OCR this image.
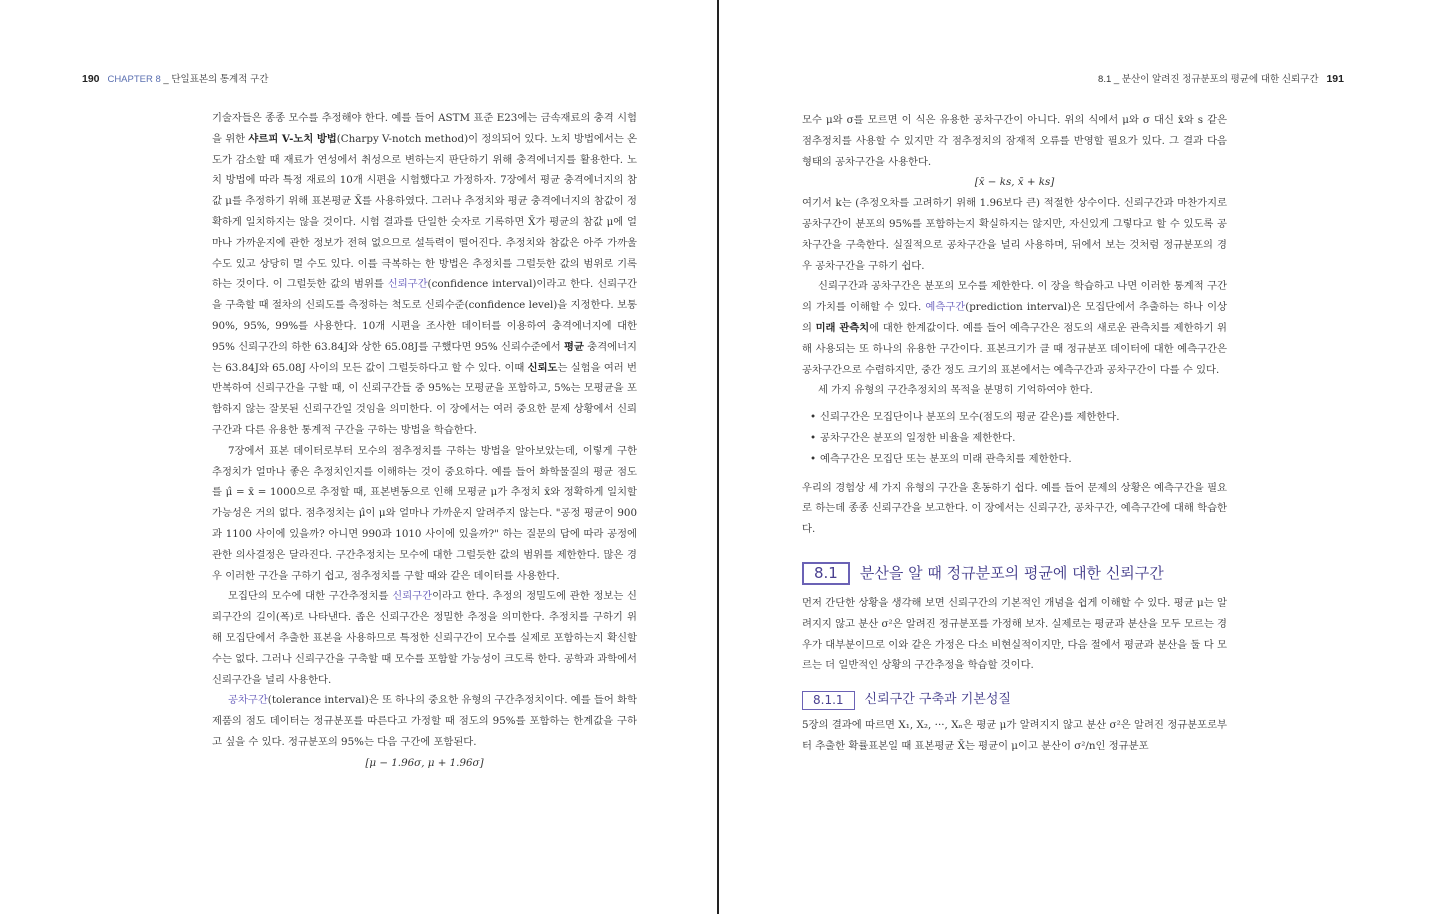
190 CHAPTER 8 _ 단일표본의 통계적 구간

기술자들은 종종 모수를 추정해야 한다. 예를 들어 ASTM 표준 E23에는 금속재료의 충격 시험을 위한 샤르피 V-노치 방법(Charpy V-notch method)이 정의되어 있다. 노치 방법에서는 온도가 감소할 때 재료가 연성에서 취성으로 변하는지 판단하기 위해 충격에너지를 활용한다. 노치 방법에 따라 특정 재료의 10개 시편을 시험했다고 가정하자. 7장에서 평균 충격에너지의 참값 μ를 추정하기 위해 표본평균 X̄를 사용하였다. 그러나 추정치와 평균 충격에너지의 참값이 정확하게 일치하지는 않을 것이다. 시험 결과를 단일한 숫자로 기록하면 X̄가 평균의 참값 μ에 얼마나 가까운지에 관한 정보가 전혀 없으므로 설득력이 떨어진다. 추정치와 참값은 아주 가까울 수도 있고 상당히 멀 수도 있다. 이를 극복하는 한 방법은 추정치를 그럴듯한 값의 범위로 기록하는 것이다. 이 그럴듯한 값의 범위를 신뢰구간(confidence interval)이라고 한다. 신뢰구간을 구축할 때 절차의 신뢰도를 측정하는 척도로 신뢰수준(confidence level)을 지정한다. 보통 90%, 95%, 99%를 사용한다. 10개 시편을 조사한 데이터를 이용하여 충격에너지에 대한 95% 신뢰구간의 하한 63.84J와 상한 65.08J를 구했다면 95% 신뢰수준에서 평균 충격에너지는 63.84J와 65.08J 사이의 모든 값이 그럴듯하다고 할 수 있다. 이때 신뢰도는 실험을 여러 번 반복하여 신뢰구간을 구할 때, 이 신뢰구간들 중 95%는 모평균을 포함하고, 5%는 모평균을 포함하지 않는 잘못된 신뢰구간일 것임을 의미한다. 이 장에서는 여러 중요한 문제 상황에서 신뢰구간과 다른 유용한 통계적 구간을 구하는 방법을 학습한다.

7장에서 표본 데이터로부터 모수의 점추정치를 구하는 방법을 알아보았는데, 이렇게 구한 추정치가 얼마나 좋은 추정치인지를 이해하는 것이 중요하다. 예를 들어 화학물질의 평균 점도를 μ̂ = x̄ = 1000으로 추정할 때, 표본변동으로 인해 모평균 μ가 추정치 x̄와 정확하게 일치할 가능성은 거의 없다. 점추정치는 μ̂이 μ와 얼마나 가까운지 알려주지 않는다. "공정 평균이 900과 1100 사이에 있을까? 아니면 990과 1010 사이에 있을까?" 하는 질문의 답에 따라 공정에 관한 의사결정은 달라진다. 구간추정치는 모수에 대한 그럴듯한 값의 범위를 제한한다. 많은 경우 이러한 구간을 구하기 쉽고, 점추정치를 구할 때와 같은 데이터를 사용한다.

모집단의 모수에 대한 구간추정치를 신뢰구간이라고 한다. 추정의 정밀도에 관한 정보는 신뢰구간의 길이(폭)로 나타낸다. 좁은 신뢰구간은 정밀한 추정을 의미한다. 추정치를 구하기 위해 모집단에서 추출한 표본을 사용하므로 특정한 신뢰구간이 모수를 실제로 포함하는지 확신할 수는 없다. 그러나 신뢰구간을 구축할 때 모수를 포함할 가능성이 크도록 한다. 공학과 과학에서 신뢰구간을 널리 사용한다.

공차구간(tolerance interval)은 또 하나의 중요한 유형의 구간추정치이다. 예를 들어 화학제품의 점도 데이터는 정규분포를 따른다고 가정할 때 점도의 95%를 포함하는 한계값을 구하고 싶을 수 있다. 정규분포의 95%는 다음 구간에 포함된다.

[μ − 1.96σ, μ + 1.96σ]

8.1 _ 분산이 알려진 정규분포의 평균에 대한 신뢰구간 191

모수 μ와 σ를 모르면 이 식은 유용한 공차구간이 아니다. 위의 식에서 μ와 σ 대신 x̄와 s 같은 점추정치를 사용할 수 있지만 각 점추정치의 잠재적 오류를 반영할 필요가 있다. 그 결과 다음 형태의 공차구간을 사용한다.

[x̄ − ks, x̄ + ks]

여기서 k는 (추정오차를 고려하기 위해 1.96보다 큰) 적절한 상수이다. 신뢰구간과 마찬가지로 공차구간이 분포의 95%를 포함하는지 확실하지는 않지만, 자신있게 그렇다고 할 수 있도록 공차구간을 구축한다. 실질적으로 공차구간을 널리 사용하며, 뒤에서 보는 것처럼 정규분포의 경우 공차구간을 구하기 쉽다.

신뢰구간과 공차구간은 분포의 모수를 제한한다. 이 장을 학습하고 나면 이러한 통계적 구간의 가치를 이해할 수 있다. 예측구간(prediction interval)은 모집단에서 추출하는 하나 이상의 미래 관측치에 대한 한계값이다. 예를 들어 예측구간은 점도의 새로운 관측치를 제한하기 위해 사용되는 또 하나의 유용한 구간이다. 표본크기가 클 때 정규분포 데이터에 대한 예측구간은 공차구간으로 수렴하지만, 중간 정도 크기의 표본에서는 예측구간과 공차구간이 다를 수 있다.

세 가지 유형의 구간추정치의 목적을 분명히 기억하여야 한다.

• 신뢰구간은 모집단이나 분포의 모수(점도의 평균 같은)를 제한한다.
• 공차구간은 분포의 일정한 비율을 제한한다.
• 예측구간은 모집단 또는 분포의 미래 관측치를 제한한다.

우리의 경험상 세 가지 유형의 구간을 혼동하기 쉽다. 예를 들어 문제의 상황은 예측구간을 필요로 하는데 종종 신뢰구간을 보고한다. 이 장에서는 신뢰구간, 공차구간, 예측구간에 대해 학습한다.

8.1	분산을 알 때 정규분포의 평균에 대한 신뢰구간

먼저 간단한 상황을 생각해 보면 신뢰구간의 기본적인 개념을 쉽게 이해할 수 있다. 평균 μ는 알려지지 않고 분산 σ²은 알려진 정규분포를 가정해 보자. 실제로는 평균과 분산을 모두 모르는 경우가 대부분이므로 이와 같은 가정은 다소 비현실적이지만, 다음 절에서 평균과 분산을 둘 다 모르는 더 일반적인 상황의 구간추정을 학습할 것이다.

8.1.1	신뢰구간 구축과 기본성질

5장의 결과에 따르면 X₁, X₂, ···, Xₙ은 평균 μ가 알려지지 않고 분산 σ²은 알려진 정규분포로부터 추출한 확률표본일 때 표본평균 X̄는 평균이 μ이고 분산이 σ²/n인 정규분포
